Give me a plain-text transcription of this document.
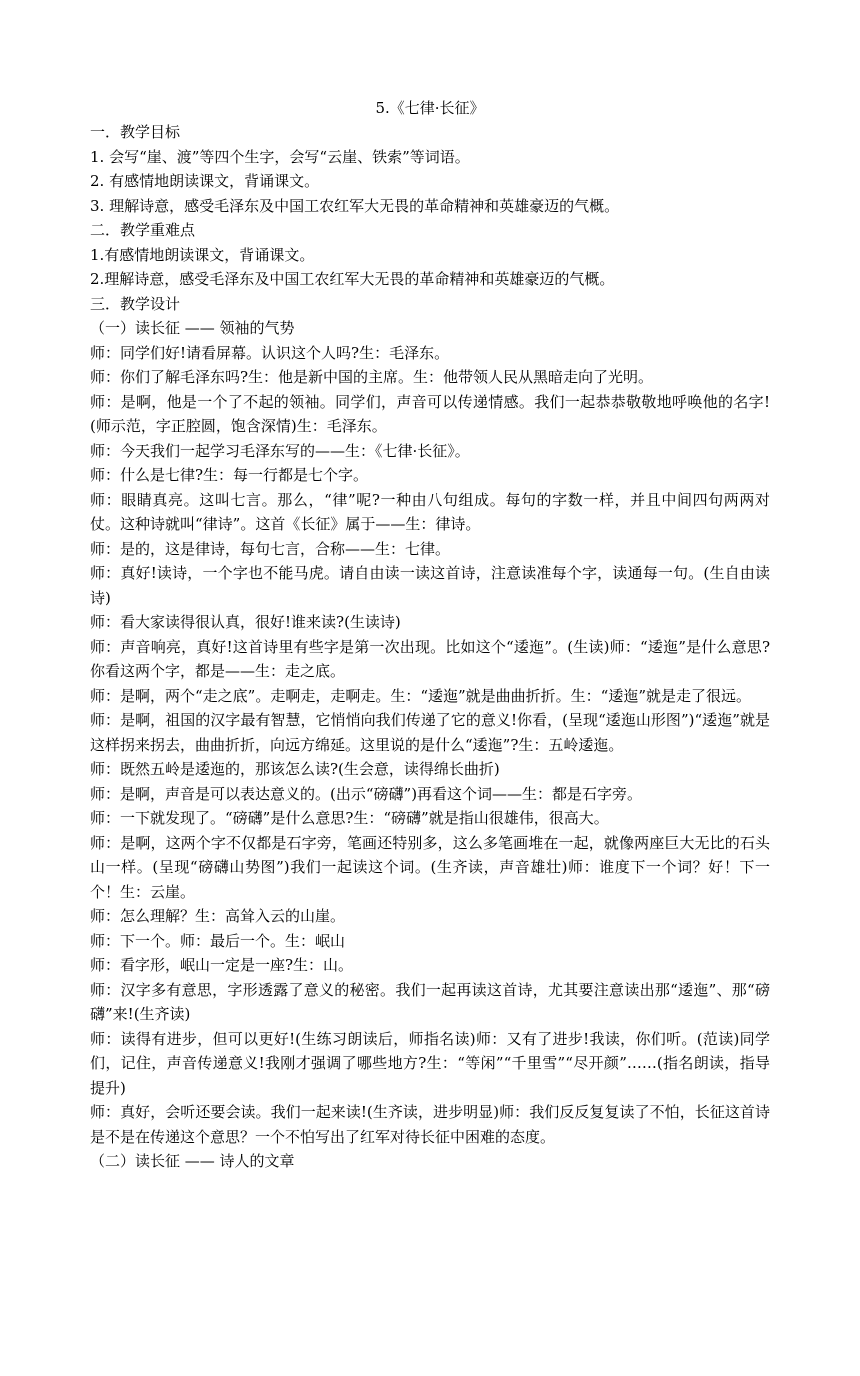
5.《七律·长征》

一．教学目标

1. 会写“崖、渡”等四个生字，会写“云崖、铁索”等词语。

2. 有感情地朗读课文，背诵课文。

3. 理解诗意，感受毛泽东及中国工农红军大无畏的革命精神和英雄豪迈的气概。

二．教学重难点

1.有感情地朗读课文，背诵课文。

2.理解诗意，感受毛泽东及中国工农红军大无畏的革命精神和英雄豪迈的气概。

三．教学设计

（一）读长征 —— 领袖的气势

师：同学们好!请看屏幕。认识这个人吗?生：毛泽东。

师：你们了解毛泽东吗?生：他是新中国的主席。生：他带领人民从黑暗走向了光明。

师：是啊，他是一个了不起的领袖。同学们，声音可以传递情感。我们一起恭恭敬敬地呼唤他的名字!(师示范，字正腔圆，饱含深情)生：毛泽东。

师：今天我们一起学习毛泽东写的——生：《七律·长征》。

师：什么是七律?生：每一行都是七个字。

师：眼睛真亮。这叫七言。那么，“律”呢?一种由八句组成。每句的字数一样，并且中间四句两两对仗。这种诗就叫“律诗”。这首《长征》属于——生：律诗。

师：是的，这是律诗，每句七言，合称——生：七律。

师：真好!读诗，一个字也不能马虎。请自由读一读这首诗，注意读准每个字，读通每一句。(生自由读诗)

师：看大家读得很认真，很好!谁来读?(生读诗)

师：声音响亮，真好!这首诗里有些字是第一次出现。比如这个“逶迤”。(生读)师：“逶迤”是什么意思?你看这两个字，都是——生：走之底。

师：是啊，两个“走之底”。走啊走，走啊走。生：“逶迤”就是曲曲折折。生：“逶迤”就是走了很远。

师：是啊，祖国的汉字最有智慧，它悄悄向我们传递了它的意义!你看，(呈现“逶迤山形图”)“逶迤”就是这样拐来拐去，曲曲折折，向远方绵延。这里说的是什么“逶迤”?生：五岭逶迤。

师：既然五岭是逶迤的，那该怎么读?(生会意，读得绵长曲折)

师：是啊，声音是可以表达意义的。(出示“磅礴”)再看这个词——生：都是石字旁。

师：一下就发现了。“磅礴”是什么意思?生：“磅礴”就是指山很雄伟，很高大。

师：是啊，这两个字不仅都是石字旁，笔画还特别多，这么多笔画堆在一起，就像两座巨大无比的石头山一样。(呈现“磅礴山势图”)我们一起读这个词。(生齐读，声音雄壮)师：谁度下一个词？好！下一个！生：云崖。

师：怎么理解？生：高耸入云的山崖。

师：下一个。师：最后一个。生：岷山

师：看字形，岷山一定是一座?生：山。

师：汉字多有意思，字形透露了意义的秘密。我们一起再读这首诗，尤其要注意读出那“逶迤”、那“磅礴”来!(生齐读)

师：读得有进步，但可以更好!(生练习朗读后，师指名读)师：又有了进步!我读，你们听。(范读)同学们，记住，声音传递意义!我刚才强调了哪些地方?生：“等闲”“千里雪”“尽开颜”……(指名朗读，指导提升)

师：真好，会听还要会读。我们一起来读!(生齐读，进步明显)师：我们反反复复读了不怕，长征这首诗是不是在传递这个意思？一个不怕写出了红军对待长征中困难的态度。

（二）读长征 —— 诗人的文章
